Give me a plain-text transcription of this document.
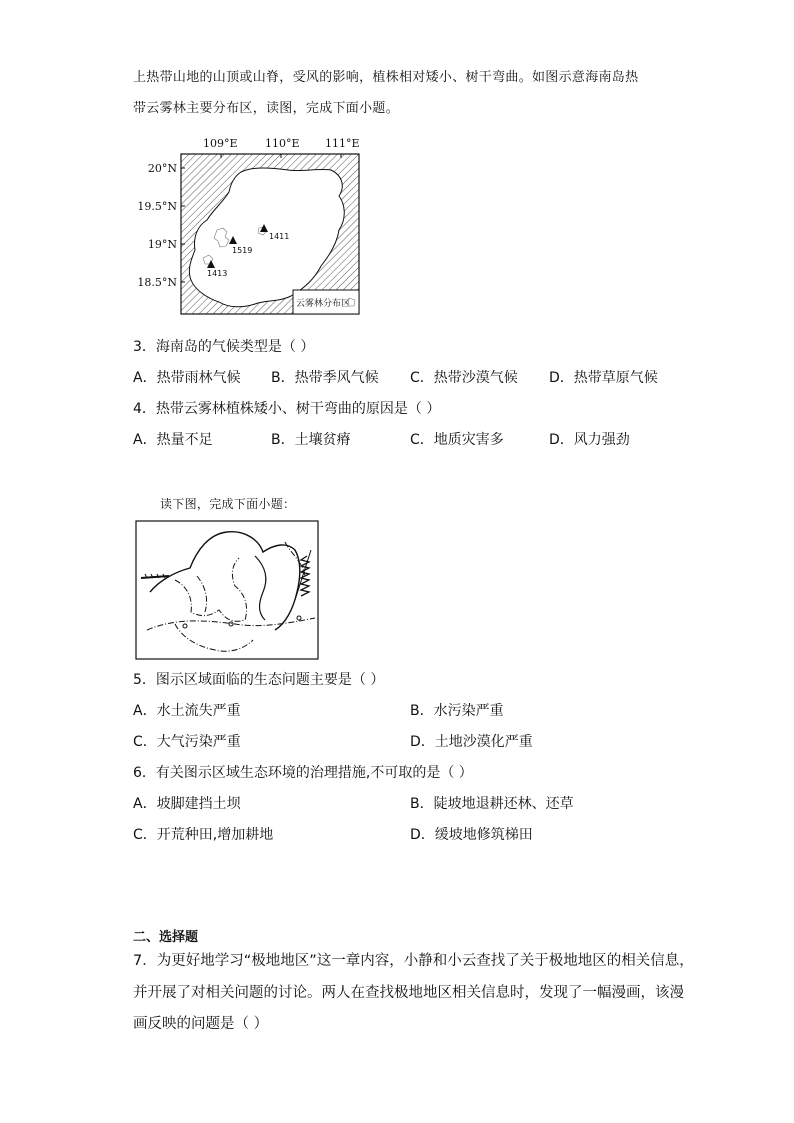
上热带山地的山顶或山脊，受风的影响，植株相对矮小、树干弯曲。如图示意海南岛热
带云雾林主要分布区，读图，完成下面小题。
109°E 110°E 111°E
20°N
19.5°N
19°N
18.5°N
1411
1519
1413
云雾林分布区
3．海南岛的气候类型是（ ）
A．热带雨林气候 B．热带季风气候 C．热带沙漠气候 D．热带草原气候
4．热带云雾林植株矮小、树干弯曲的原因是（ ）
A．热量不足	B．土壤贫瘠	C．地质灾害多	D．风力强劲
读下图，完成下面小题：
5．图示区域面临的生态问题主要是（ ）
A．水土流失严重	B．水污染严重
C．大气污染严重	D．土地沙漠化严重
6．有关图示区域生态环境的治理措施,不可取的是（ ）
A．坡脚建挡土坝	B．陡坡地退耕还林、还草
C．开荒种田,增加耕地	D．缓坡地修筑梯田
二、选择题
7．为更好地学习“极地地区”这一章内容，小静和小云查找了关于极地地区的相关信息，
并开展了对相关问题的讨论。两人在查找极地地区相关信息时，发现了一幅漫画，该漫
画反映的问题是（ ）
